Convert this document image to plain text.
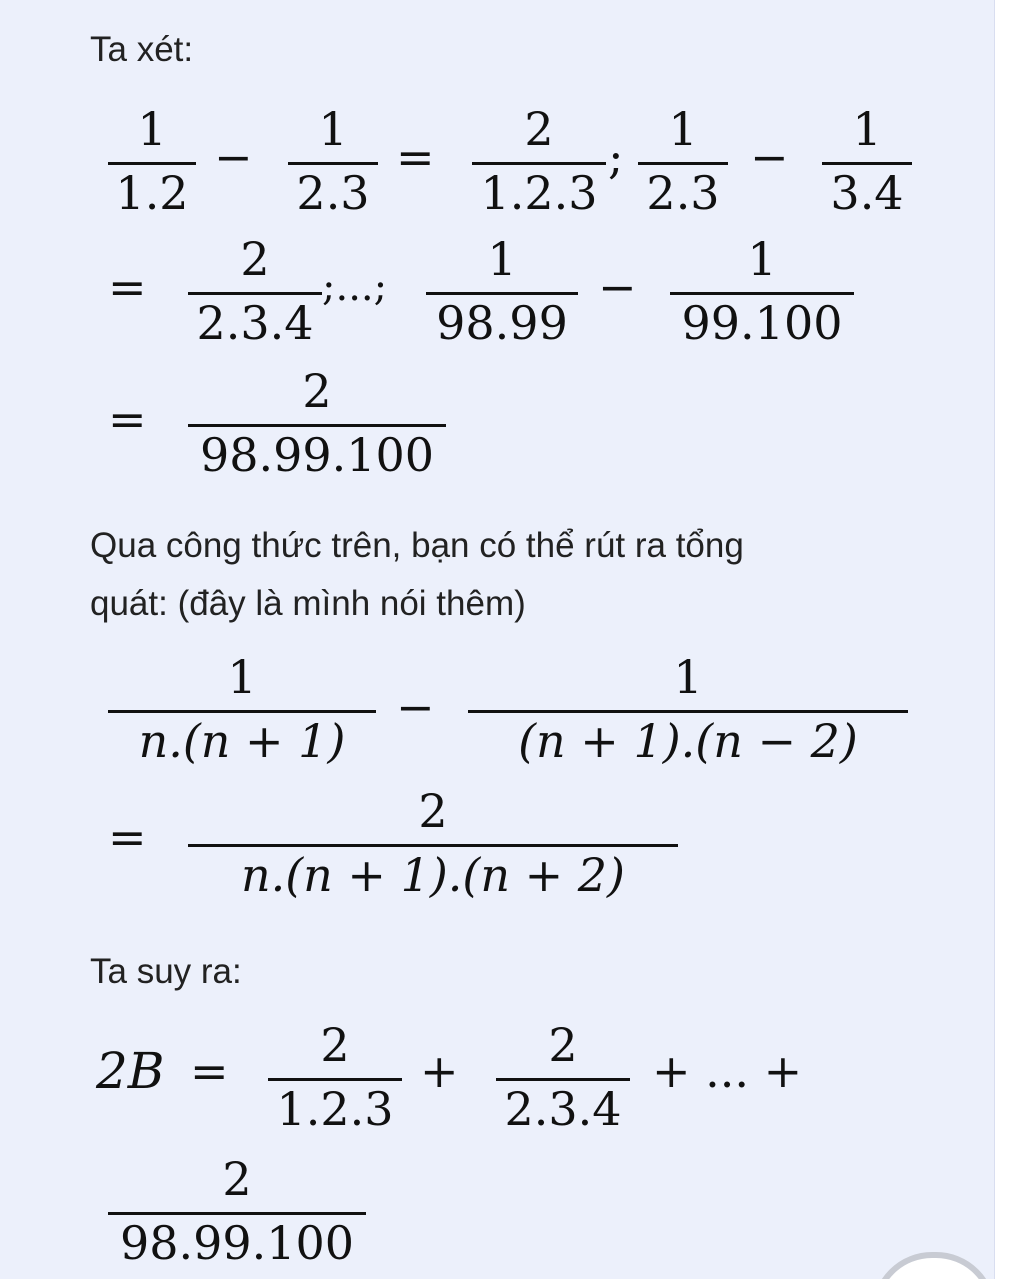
Ta xét:
1
1.2
−
1
2.3
=
2
1.2.3
;
1
2.3
−
1
3.4
=
2
2.3.4
;...;
1
98.99
−
1
99.100
=
2
98.99.100
Qua công thức trên, bạn có thể rút ra tổng
quát: (đây là mình nói thêm)
1
n.(n + 1)
−
1
(n + 1).(n − 2)
=	2
n.(n + 1).(n + 2)
Ta suy ra:
2B =	2
1.2.3
+	2
2.3.4
+ ... +
2
98.99.100
